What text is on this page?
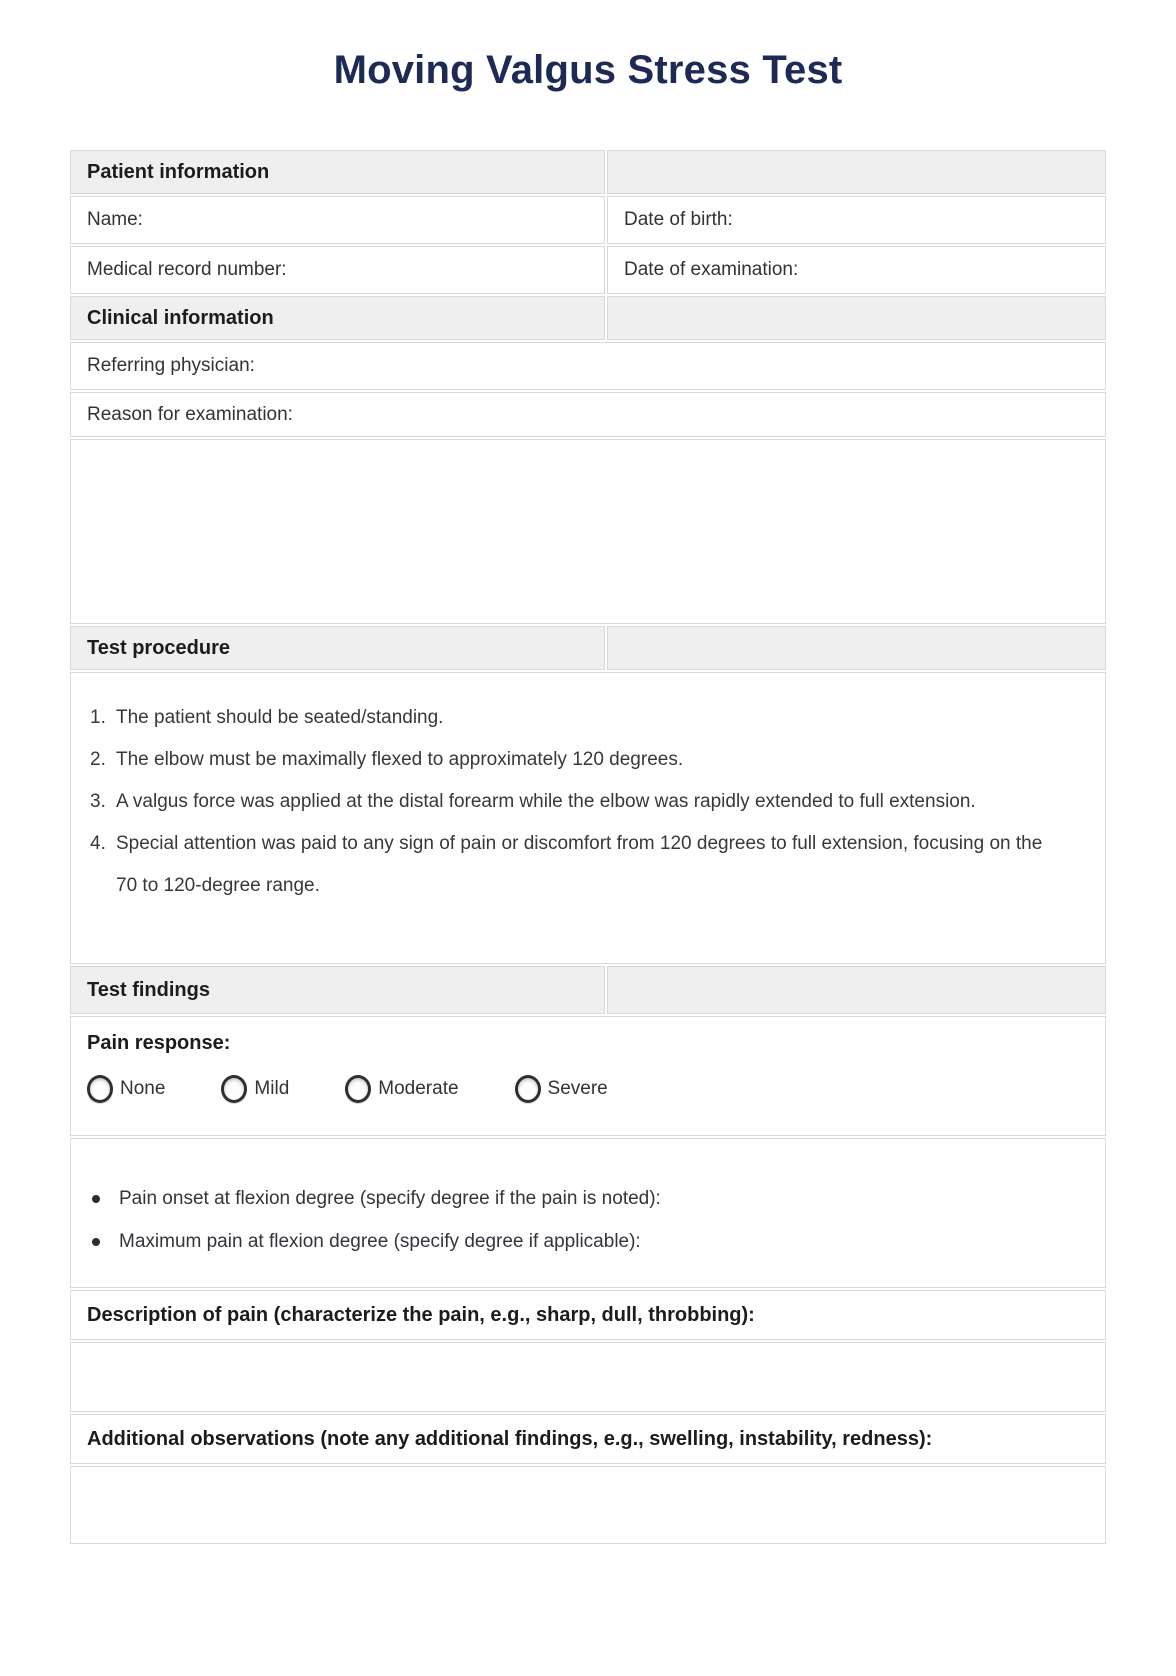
Moving Valgus Stress Test
Patient information	
Name:	Date of birth:
Medical record number:	Date of examination:
Clinical information	
Referring physician:	
Reason for examination:	

Test procedure	

1. The patient should be seated/standing.
2. The elbow must be maximally flexed to approximately 120 degrees.
3. A valgus force was applied at the distal forearm while the elbow was rapidly extended to full extension.
4. Special attention was paid to any sign of pain or discomfort from 120 degrees to full extension, focusing on the 70 to 120-degree range.

Test findings	

Pain response:
None Mild Moderate Severe	

Pain onset at flexion degree (specify degree if the pain is noted):
Maximum pain at flexion degree (specify degree if applicable):	

Description of pain (characterize the pain, e.g., sharp, dull, throbbing):	

Additional observations (note any additional findings, e.g., swelling, instability, redness):	
